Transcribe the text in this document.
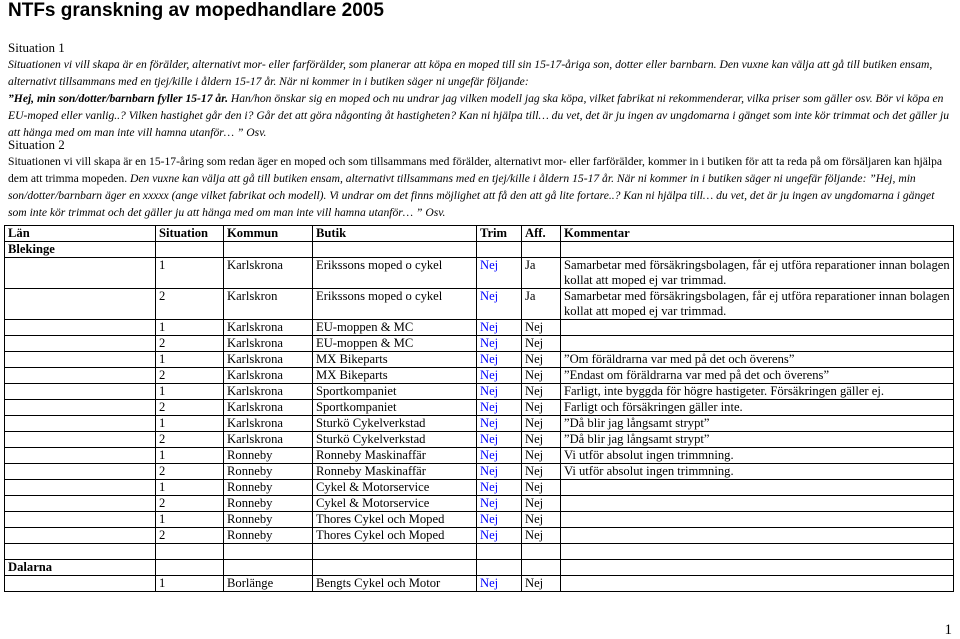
NTFs granskning av mopedhandlare 2005
Situation 1
Situationen vi vill skapa är en förälder, alternativt mor- eller farförälder, som planerar att köpa en moped till sin 15-17-åriga son, dotter eller barnbarn. Den vuxne kan välja att gå till butiken ensam, alternativt tillsammans med en tjej/kille i åldern 15-17 år. När ni kommer in i butiken säger ni ungefär följande:
”Hej, min son/dotter/barnbarn fyller 15-17 år. Han/hon önskar sig en moped och nu undrar jag vilken modell jag ska köpa, vilket fabrikat ni rekommenderar, vilka priser som gäller osv. Bör vi köpa en EU-moped eller vanlig..? Vilken hastighet går den i? Går det att göra någonting åt hastigheten? Kan ni hjälpa till… du vet, det är ju ingen av ungdomarna i gänget som inte kör trimmat och det gäller ju att hänga med om man inte vill hamna utanför… ” Osv.
Situation 2
Situationen vi vill skapa är en 15-17-åring som redan äger en moped och som tillsammans med förälder, alternativt mor- eller farförälder, kommer in i butiken för att ta reda på om försäljaren kan hjälpa dem att trimma mopeden. Den vuxne kan välja att gå till butiken ensam, alternativt tillsammans med en tjej/kille i åldern 15-17 år. När ni kommer in i butiken säger ni ungefär följande: ”Hej, min son/dotter/barnbarn äger en xxxxx (ange vilket fabrikat och modell). Vi undrar om det finns möjlighet att få den att gå lite fortare..? Kan ni hjälpa till… du vet, det är ju ingen av ungdomarna i gänget som inte kör trimmat och det gäller ju att hänga med om man inte vill hamna utanför… ” Osv.
Län	Situation	Kommun	Butik	Trim	Aff.	Kommentar
Blekinge						
	1	Karlskrona	Erikssons moped o cykel	Nej	Ja	Samarbetar med försäkringsbolagen, får ej utföra reparationer innan bolagen kollat att moped ej var trimmad.
	2	Karlskron	Erikssons moped o cykel	Nej	Ja	Samarbetar med försäkringsbolagen, får ej utföra reparationer innan bolagen kollat att moped ej var trimmad.
	1	Karlskrona	EU-moppen & MC	Nej	Nej	
	2	Karlskrona	EU-moppen & MC	Nej	Nej	
	1	Karlskrona	MX Bikeparts	Nej	Nej	”Om föräldrarna var med på det och överens”
	2	Karlskrona	MX Bikeparts	Nej	Nej	”Endast om föräldrarna var med på det och överens”
	1	Karlskrona	Sportkompaniet	Nej	Nej	Farligt, inte byggda för högre hastigeter. Försäkringen gäller ej.
	2	Karlskrona	Sportkompaniet	Nej	Nej	Farligt och försäkringen gäller inte.
	1	Karlskrona	Sturkö Cykelverkstad	Nej	Nej	”Då blir jag långsamt strypt”
	2	Karlskrona	Sturkö Cykelverkstad	Nej	Nej	”Då blir jag långsamt strypt”
	1	Ronneby	Ronneby Maskinaffär	Nej	Nej	Vi utför absolut ingen trimmning.
	2	Ronneby	Ronneby Maskinaffär	Nej	Nej	Vi utför absolut ingen trimmning.
	1	Ronneby	Cykel & Motorservice	Nej	Nej	
	2	Ronneby	Cykel & Motorservice	Nej	Nej	
	1	Ronneby	Thores Cykel och Moped	Nej	Nej	
	2	Ronneby	Thores Cykel och Moped	Nej	Nej	

Dalarna						
	1	Borlänge	Bengts Cykel och Motor	Nej	Nej	
1
